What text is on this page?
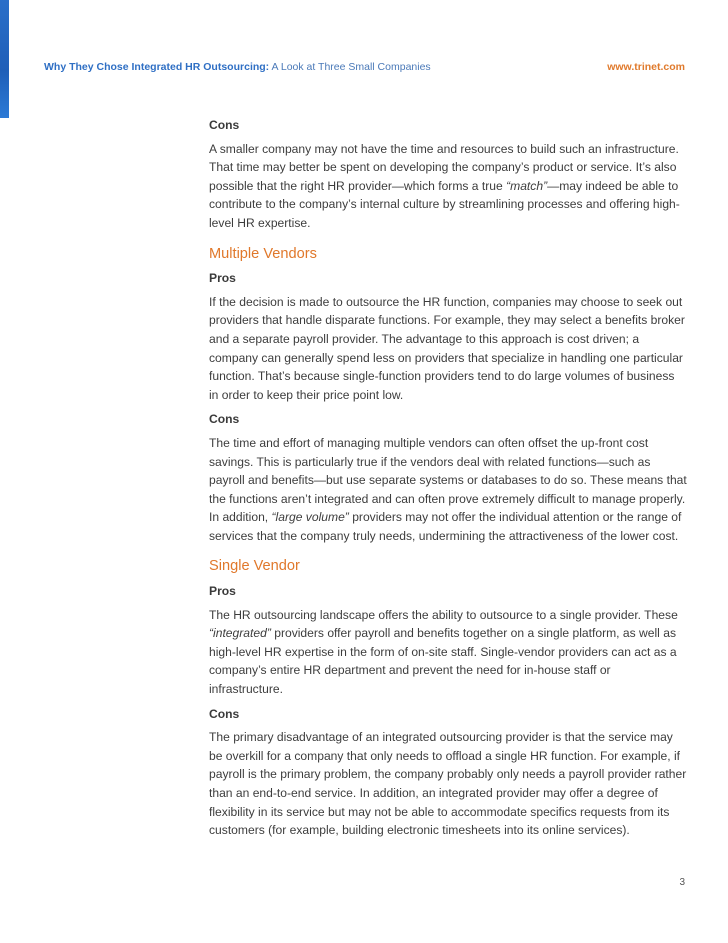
Why They Chose Integrated HR Outsourcing: A Look at Three Small Companies	www.trinet.com
Cons

A smaller company may not have the time and resources to build such an infrastructure. That time may better be spent on developing the company’s product or service. It’s also possible that the right HR provider—which forms a true “match”—may indeed be able to contribute to the company’s internal culture by streamlining processes and offering high-level HR expertise.

Multiple Vendors
Pros

If the decision is made to outsource the HR function, companies may choose to seek out providers that handle disparate functions. For example, they may select a benefits broker and a separate payroll provider. The advantage to this approach is cost driven; a company can generally spend less on providers that specialize in handling one particular function. That’s because single-function providers tend to do large volumes of business in order to keep their price point low.

Cons

The time and effort of managing multiple vendors can often offset the up-front cost savings. This is particularly true if the vendors deal with related functions—such as payroll and benefits—but use separate systems or databases to do so. These means that the functions aren’t integrated and can often prove extremely difficult to manage properly. In addition, “large volume” providers may not offer the individual attention or the range of services that the company truly needs, undermining the attractiveness of the lower cost.

Single Vendor
Pros

The HR outsourcing landscape offers the ability to outsource to a single provider. These “integrated” providers offer payroll and benefits together on a single platform, as well as high-level HR expertise in the form of on-site staff. Single-vendor providers can act as a company’s entire HR department and prevent the need for in-house staff or infrastructure.

Cons

The primary disadvantage of an integrated outsourcing provider is that the service may be overkill for a company that only needs to offload a single HR function. For example, if payroll is the primary problem, the company probably only needs a payroll provider rather than an end-to-end service. In addition, an integrated provider may offer a degree of flexibility in its service but may not be able to accommodate specifics requests from its customers (for example, building electronic timesheets into its online services).

3
